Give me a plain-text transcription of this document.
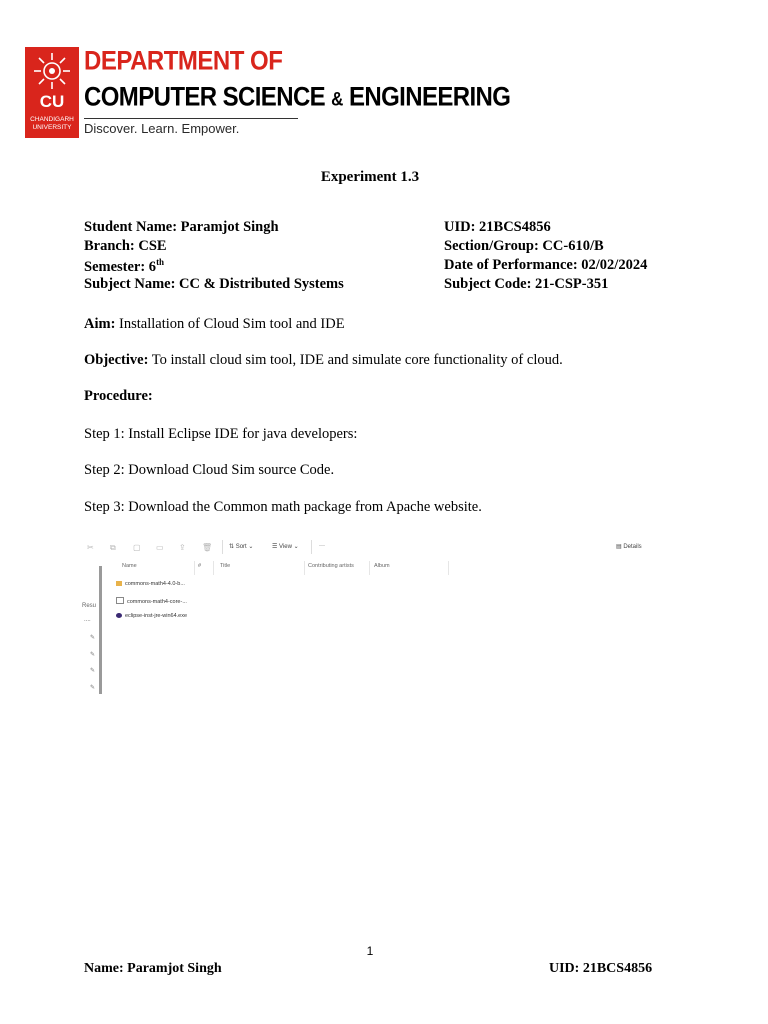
CU
CHANDIGARH UNIVERSITY
DEPARTMENT OF
COMPUTER SCIENCE & ENGINEERING
Discover. Learn. Empower.
Experiment 1.3
Student Name: Paramjot Singh	UID: 21BCS4856
Branch: CSE	Section/Group: CC-610/B
Semester: 6th	Date of Performance: 02/02/2024
Subject Name: CC & Distributed Systems	Subject Code: 21-CSP-351
Aim: Installation of Cloud Sim tool and IDE
Objective: To install cloud sim tool, IDE and simulate core functionality of cloud.
Procedure:
Step 1: Install Eclipse IDE for java developers:
Step 2: Download Cloud Sim source Code.
Step 3: Download the Common math package from Apache website.
✂ ⧉ ▢ ▭ ⇪ 🗑	⇅ Sort ⌄	☰ View ⌄	···	▤ Details
Resu
....
✎
✎
✎
✎
Name	#	Title	Contributing artists	Album
commons-math4-4.0-b...
commons-math4-core-...
eclipse-inst-jre-win64.exe
1
Name: Paramjot Singh	UID: 21BCS4856
